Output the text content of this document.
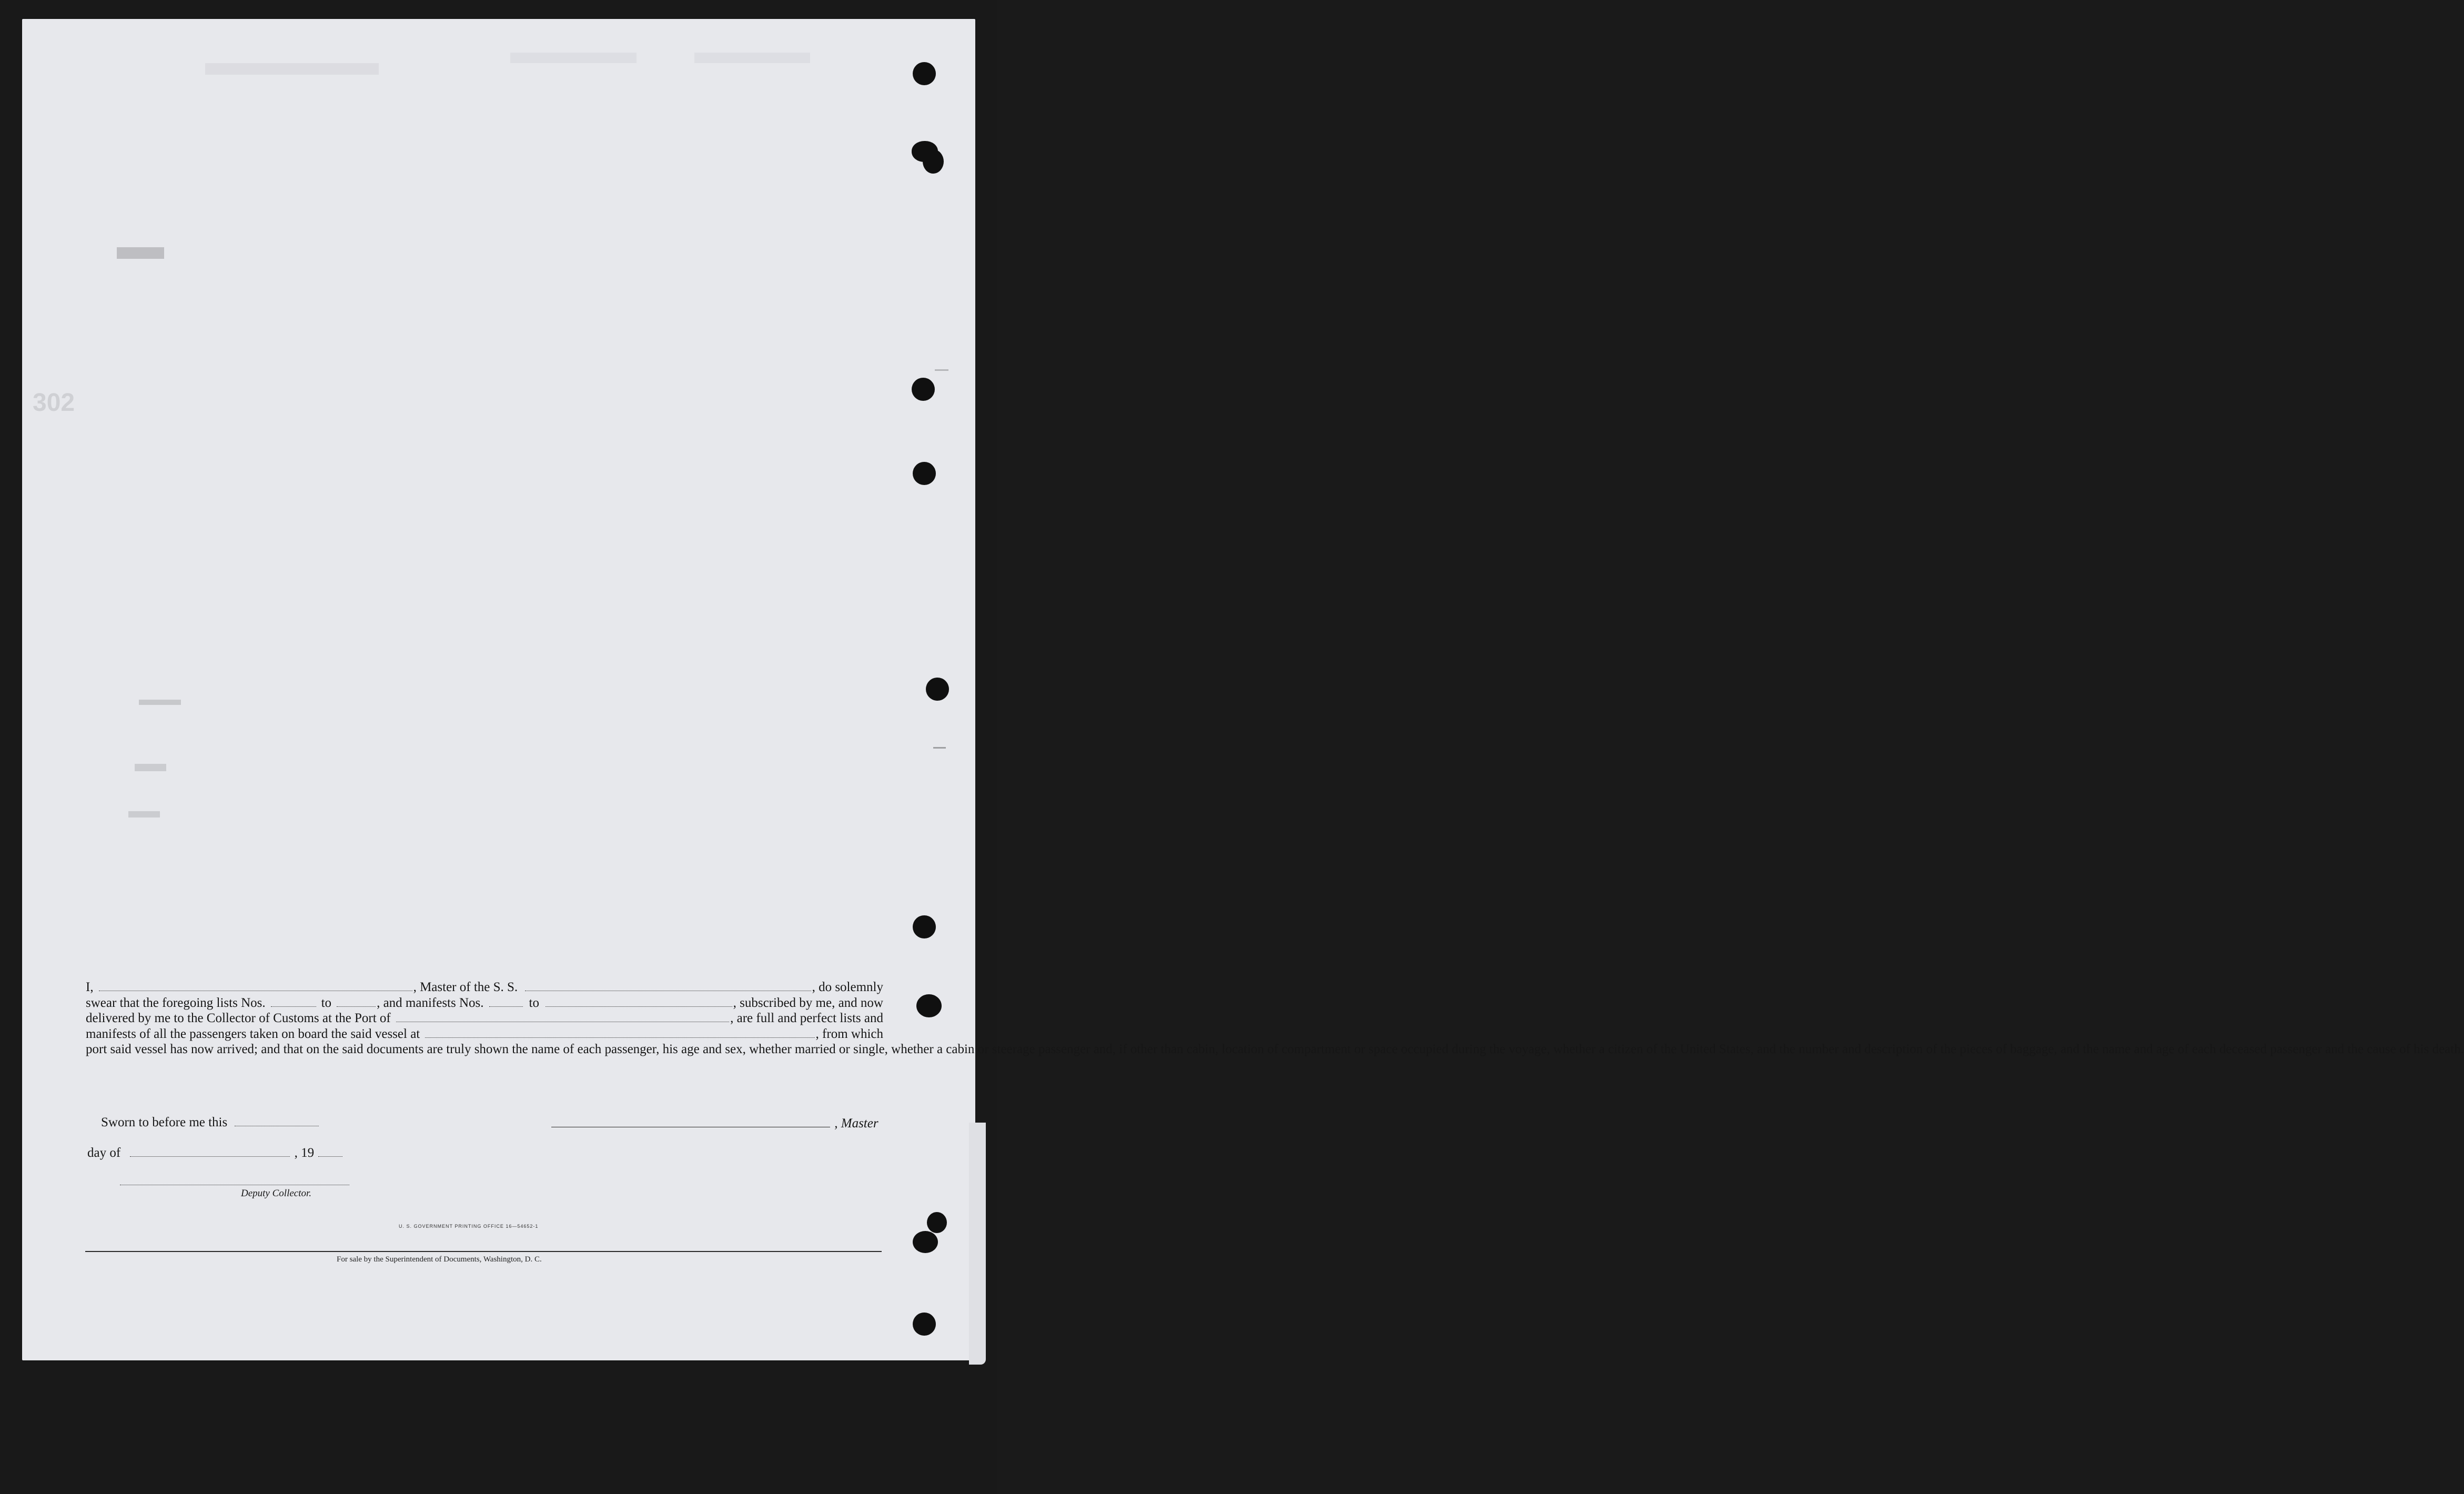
302
I,	, Master of the S. S.	, do solemnly
swear that the foregoing lists Nos.	to	, and manifests Nos.	to	, subscribed by me, and now
delivered by me to the Collector of Customs at the Port of	, are full and perfect lists and
manifests of all the passengers taken on board the said vessel at	, from which
port said vessel has now arrived; and that on the said documents are truly shown the name of each passenger, his age and sex, whether married or single, whether a cabin or steerage passenger and, if other than cabin, location of compartment or space occupied during the voyage, whether a citizen of the United States, and the number and description of the pieces of baggage, and the name and age of each deceased passenger and the cause of his death.
Sworn to before me this	, Master
day of	, 19
Deputy Collector.
U. S. GOVERNMENT PRINTING OFFICE 16—54652-1
For sale by the Superintendent of Documents, Washington, D. C.
